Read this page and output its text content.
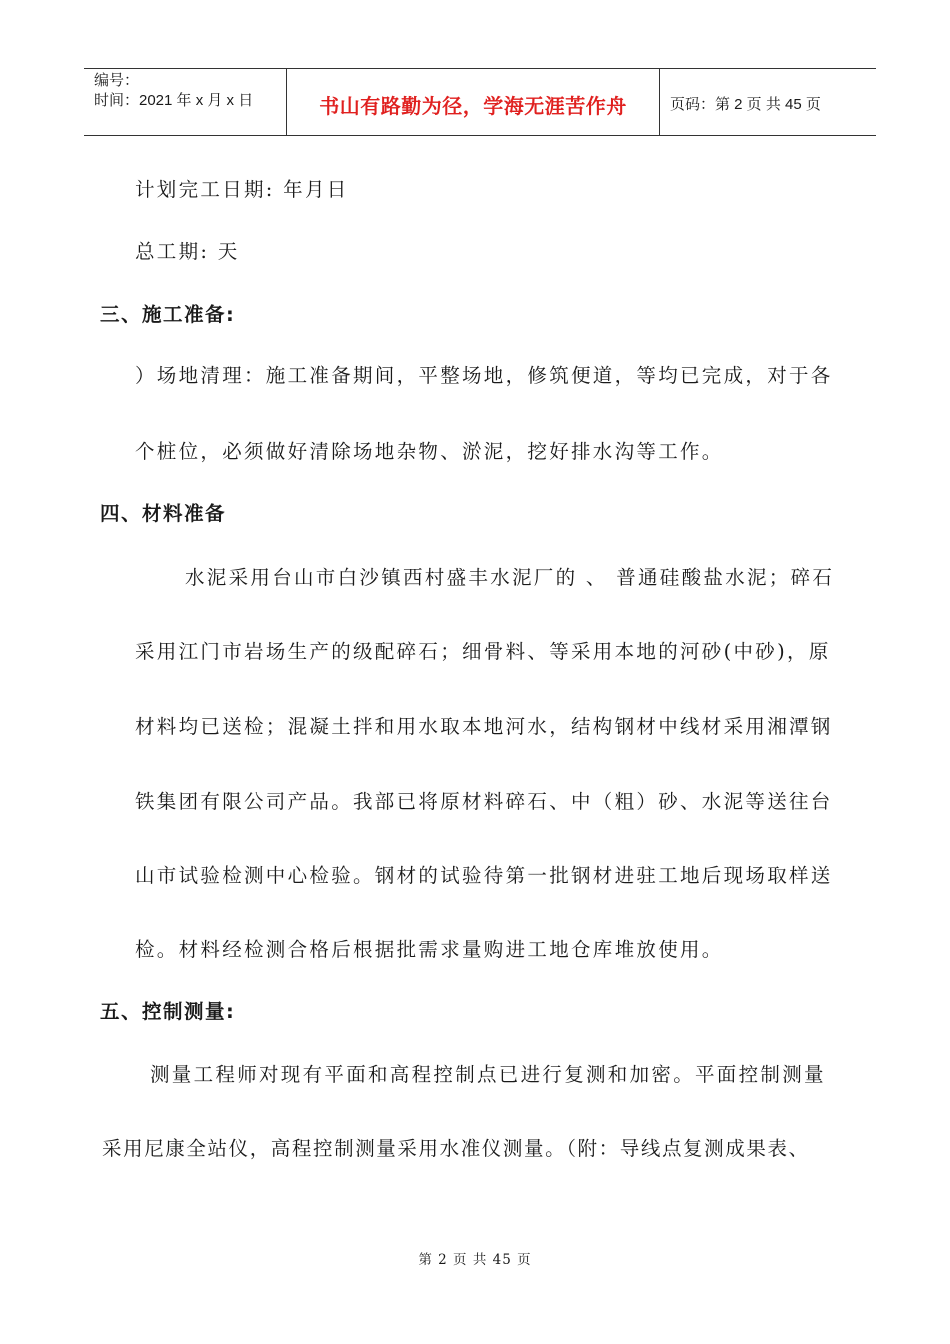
编号：
时间：2021 年 x 月 x 日	书山有路勤为径，学海无涯苦作舟	页码：第 2 页 共 45 页
计划完工日期: 年月日
总工期: 天
三、施工准备:
）场地清理：施工准备期间，平整场地，修筑便道，等均已完成，对于各
个桩位，必须做好清除场地杂物、淤泥，挖好排水沟等工作。
四、材料准备
水泥采用台山市白沙镇西村盛丰水泥厂的 、 普通硅酸盐水泥；碎石
采用江门市岩场生产的级配碎石；细骨料、等采用本地的河砂(中砂)，原
材料均已送检；混凝土拌和用水取本地河水，结构钢材中线材采用湘潭钢
铁集团有限公司产品。我部已将原材料碎石、中（粗）砂、水泥等送往台
山市试验检测中心检验。钢材的试验待第一批钢材进驻工地后现场取样送
检。材料经检测合格后根据批需求量购进工地仓库堆放使用。
五、控制测量:
测量工程师对现有平面和高程控制点已进行复测和加密。平面控制测量
采用尼康全站仪，高程控制测量采用水准仪测量。（附：导线点复测成果表、
第 2 页 共 45 页
